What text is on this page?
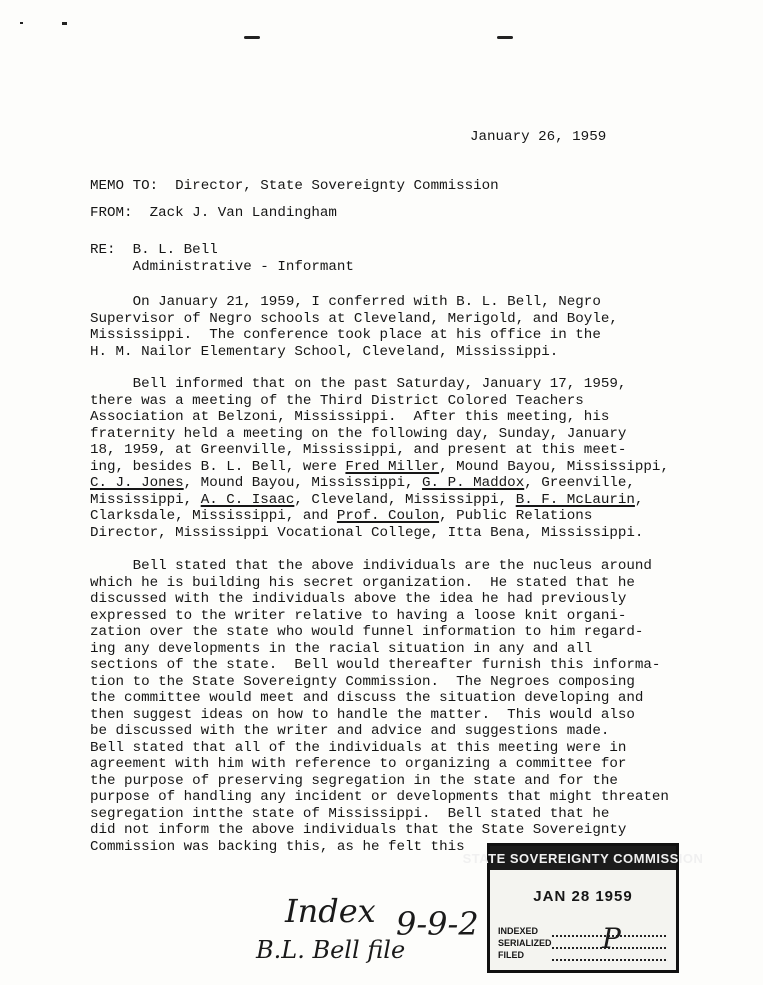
January 26, 1959
MEMO TO: Director, State Sovereignty Commission
FROM: Zack J. Van Landingham
RE: B. L. Bell
Administrative - Informant
On January 21, 1959, I conferred with B. L. Bell, Negro
Supervisor of Negro schools at Cleveland, Merigold, and Boyle,
Mississippi.  The conference took place at his office in the
H. M. Nailor Elementary School, Cleveland, Mississippi.
Bell informed that on the past Saturday, January 17, 1959,
there was a meeting of the Third District Colored Teachers
Association at Belzoni, Mississippi.  After this meeting, his
fraternity held a meeting on the following day, Sunday, January
18, 1959, at Greenville, Mississippi, and present at this meet-
ing, besides B. L. Bell, were Fred Miller, Mound Bayou, Mississippi,
C. J. Jones, Mound Bayou, Mississippi, G. P. Maddox, Greenville,
Mississippi, A. C. Isaac, Cleveland, Mississippi, B. F. McLaurin,
Clarksdale, Mississippi, and Prof. Coulon, Public Relations
Director, Mississippi Vocational College, Itta Bena, Mississippi.
Bell stated that the above individuals are the nucleus around
which he is building his secret organization.  He stated that he
discussed with the individuals above the idea he had previously
expressed to the writer relative to having a loose knit organi-
zation over the state who would funnel information to him regard-
ing any developments in the racial situation in any and all
sections of the state.  Bell would thereafter furnish this informa-
tion to the State Sovereignty Commission.  The Negroes composing
the committee would meet and discuss the situation developing and
then suggest ideas on how to handle the matter.  This would also
be discussed with the writer and advice and suggestions made.
Bell stated that all of the individuals at this meeting were in
agreement with him with reference to organizing a committee for
the purpose of preserving segregation in the state and for the
purpose of handling any incident or developments that might threaten
segregation intthe state of Mississippi.  Bell stated that he
did not inform the above individuals that the State Sovereignty
Commission was backing this, as he felt this
STATE SOVEREIGNTY COMMISSION
JAN 28 1959
INDEXED
SERIALIZED
FILED	P
Index 9-9-2
B.L. Bell file
